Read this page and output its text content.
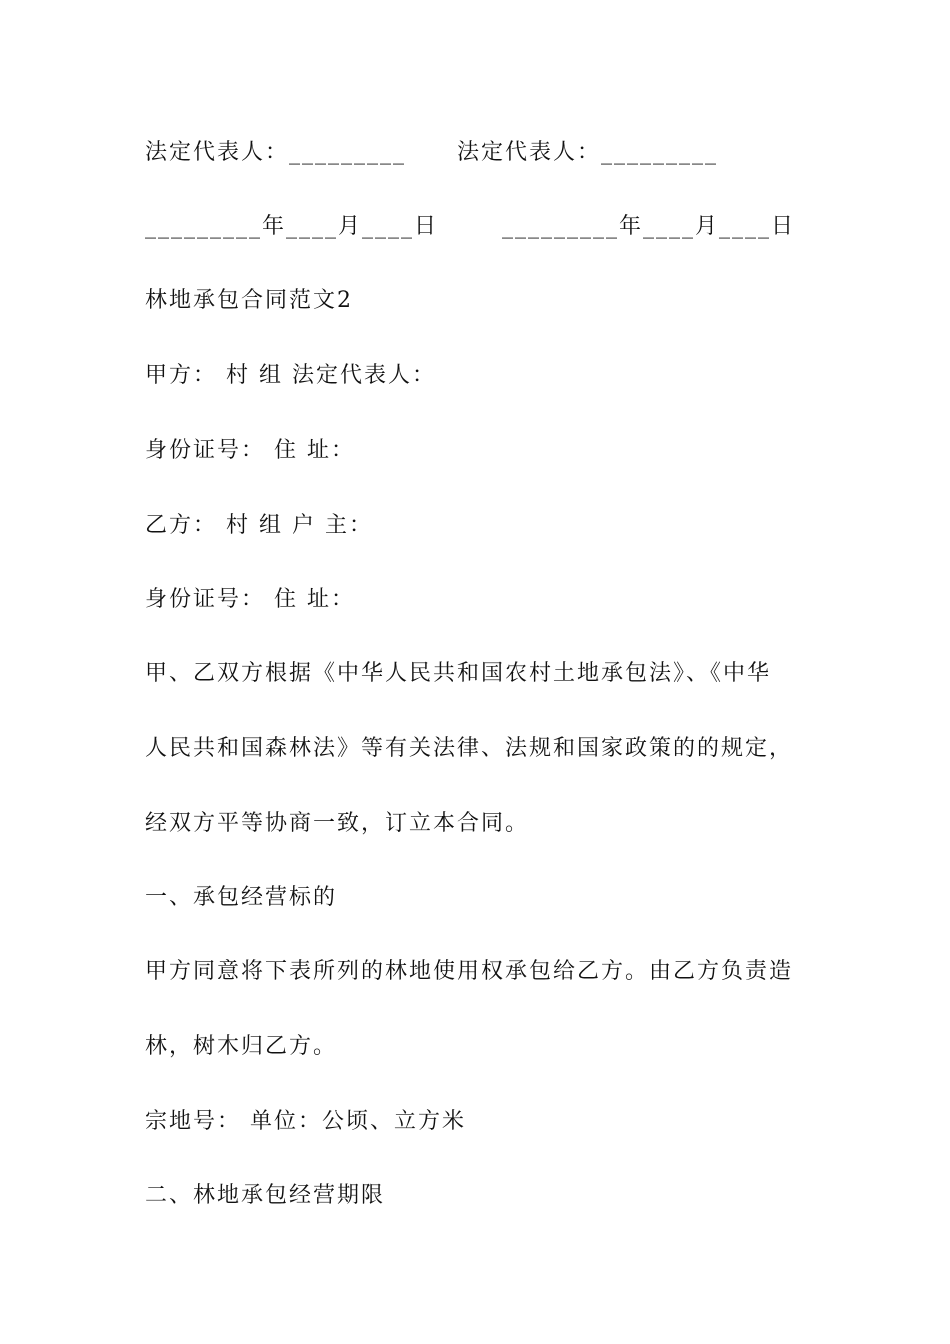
法定代表人：_________ 法定代表人：_________
_________年____月____日	_________年____月____日
林地承包合同范文2
甲方： 村 组 法定代表人：
身份证号： 住 址：
乙方： 村 组 户 主：
身份证号： 住 址：
甲、乙双方根据《中华人民共和国农村土地承包法》、《中华
人民共和国森林法》等有关法律、法规和国家政策的的规定，
经双方平等协商一致，订立本合同。
一、承包经营标的
甲方同意将下表所列的林地使用权承包给乙方。由乙方负责造
林，树木归乙方。
宗地号： 单位：公顷、立方米
二、林地承包经营期限
